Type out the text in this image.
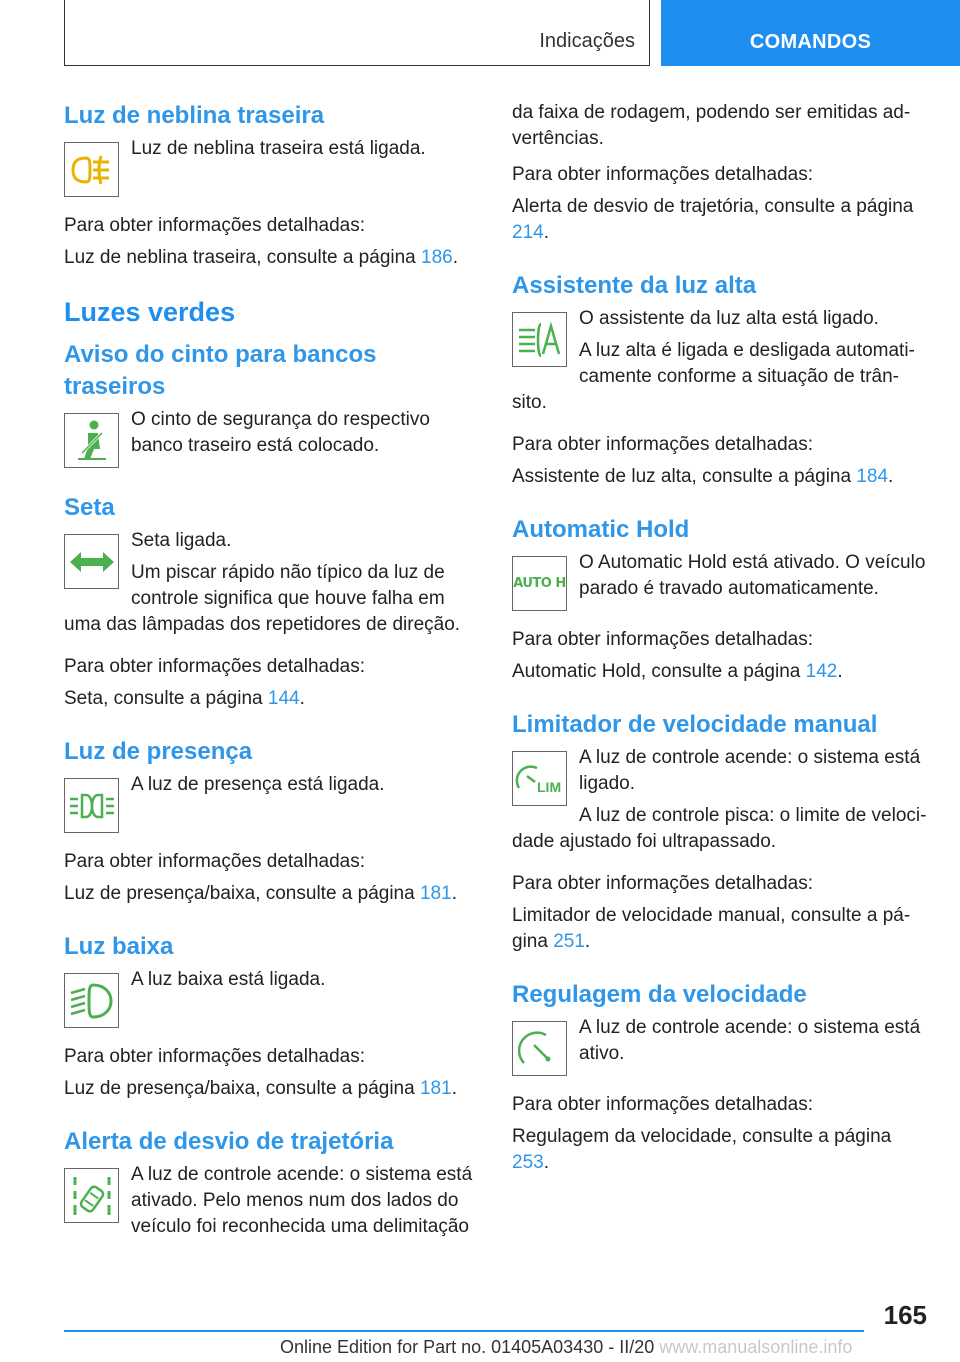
Indicações	COMANDOS
Luz de neblina traseira

Luz de neblina traseira está ligada.

Para obter informações detalhadas:

Luz de neblina traseira, consulte a página 186.

Luzes verdes
Aviso do cinto para bancos traseiros

O cinto de segurança do respectivo banco traseiro está colocado.

Seta

Seta ligada.

Um piscar rápido não típico da luz de controle significa que houve falha em uma das lâmpadas dos repetidores de direção.

Para obter informações detalhadas:

Seta, consulte a página 144.

Luz de presença

A luz de presença está ligada.

Para obter informações detalhadas:

Luz de presença/baixa, consulte a página 181.

Luz baixa

A luz baixa está ligada.

Para obter informações detalhadas:

Luz de presença/baixa, consulte a página 181.

Alerta de desvio de trajetória

A luz de controle acende: o sistema está ativado. Pelo menos num dos lados do veículo foi reconhecida uma delimitação

da faixa de rodagem, podendo ser emitidas ad‐vertências.

Para obter informações detalhadas:

Alerta de desvio de trajetória, consulte a página 214.

Assistente da luz alta

O assistente da luz alta está ligado.

A luz alta é ligada e desligada automati‐camente conforme a situação de trân‐sito.

Para obter informações detalhadas:

Assistente de luz alta, consulte a página 184.

Automatic Hold
AUTO H

O Automatic Hold está ativado. O veículo parado é travado automaticamente.

Para obter informações detalhadas:

Automatic Hold, consulte a página 142.

Limitador de velocidade manual
LIM

A luz de controle acende: o sistema está ligado.

A luz de controle pisca: o limite de veloci‐dade ajustado foi ultrapassado.

Para obter informações detalhadas:

Limitador de velocidade manual, consulte a pá‐gina 251.

Regulagem da velocidade

A luz de controle acende: o sistema está ativo.

Para obter informações detalhadas:

Regulagem da velocidade, consulte a página 253.

165
Online Edition for Part no. 01405A03430 - II/20 www.manualsonline.info
